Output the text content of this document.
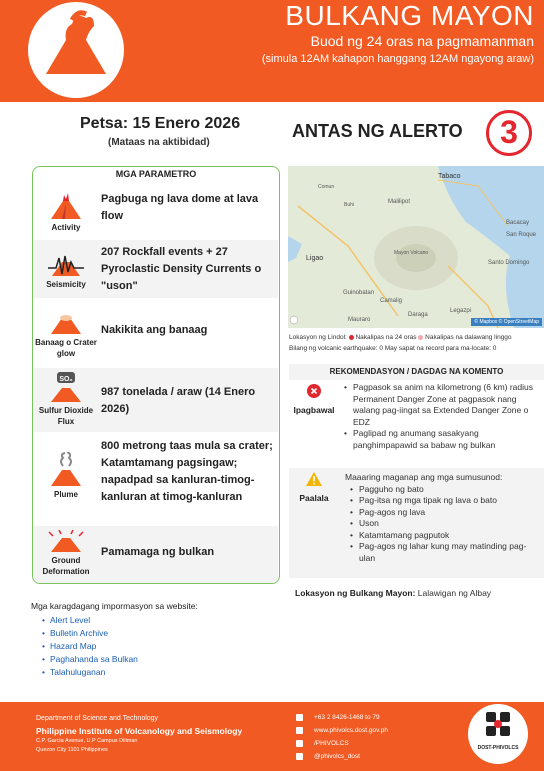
BULKANG MAYON
Buod ng 24 oras na pagmamanman
(simula 12AM kahapon hanggang 12AM ngayong araw)
Petsa: 15 Enero 2026
(Mataas na aktibidad)
ANTAS NG ALERTO	3
MGA PARAMETRO
Activity
Pagbuga ng lava dome at lava flow
Seismicity
207 Rockfall events + 27 Pyroclastic Density Currents o "uson"
Banaag o Crater glow
Nakikita ang banaag
SO₂
Sulfur Dioxide Flux
987 tonelada / araw (14 Enero 2026)
Plume
800 metrong taas mula sa crater; Katamtamang pagsingaw; napadpad sa kanluran-timog-kanluran at timog-kanluran
Ground Deformation
Pamamaga ng bulkan
Tabaco
Malilipot
Bacacay
San Roque
Santo Domingo
Ligao
Guinobatan
Camalig
Daraga
Legazpi
Mauraro
Mayon Volcano
Comun
Buhi
© Mapbox © OpenStreetMap
Lokasyon ng Lindol: Nakalipas na 24 oras Nakalipas na dalawang linggo
Bilang ng volcanic earthquake: 0 May sapat na record para ma-locate: 0
REKOMENDASYON / DAGDAG NA KOMENTO
Ipagbawal
• Pagpasok sa anim na kilometrong (6 km) radius Permanent Danger Zone at pagpasok nang walang pag-iingat sa Extended Danger Zone o EDZ
• Paglipad ng anumang sasakyang panghimpapawid sa babaw ng bulkan
Paalala
Maaaring maganap ang mga sumusunod:
• Pagguho ng bato
• Pag-itsa ng mga tipak ng lava o bato
• Pag-agos ng lava
• Uson
• Katamtamang pagputok
• Pag-agos ng lahar kung may matinding pag-ulan
Lokasyon ng Bulkang Mayon: Lalawigan ng Albay
Mga karagdagang impormasyon sa website:
• Alert Level
• Bulletin Archive
• Hazard Map
• Paghahanda sa Bulkan
• Talahuluganan
Department of Science and Technology
Philippine Institute of Volcanology and Seismology
C.P. Garcia Avenue, U.P Campus Diliman
Quezon City 1101 Philippines
+63 2 8426-1468 to 79
www.phivolcs.dost.gov.ph
/PHIVOLCS
@phivolcs_dost
DOST-PHIVOLCS
